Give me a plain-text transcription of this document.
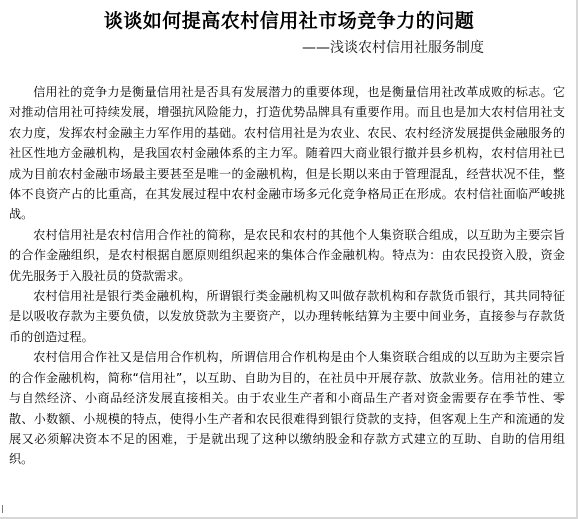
谈谈如何提高农村信用社市场竞争力的问题
——浅谈农村信用社服务制度

信用社的竞争力是衡量信用社是否具有发展潜力的重要体现，也是衡量信用社改革成败的标志。它对推动信用社可持续发展，增强抗风险能力，打造优势品牌具有重要作用。而且也是加大农村信用社支农力度，发挥农村金融主力军作用的基础。农村信用社是为农业、农民、农村经济发展提供金融服务的社区性地方金融机构，是我国农村金融体系的主力军。随着四大商业银行撤并县乡机构，农村信用社已成为目前农村金融市场最主要甚至是唯一的金融机构，但是长期以来由于管理混乱，经营状况不佳，整体不良资产占的比重高，在其发展过程中农村金融市场多元化竞争格局正在形成。农村信社面临严峻挑战。

农村信用社是农村信用合作社的简称，是农民和农村的其他个人集资联合组成，以互助为主要宗旨的合作金融组织，是农村根据自愿原则组织起来的集体合作金融机构。特点为：由农民投资入股，资金优先服务于入股社员的贷款需求。

农村信用社是银行类金融机构，所谓银行类金融机构又叫做存款机构和存款货币银行，其共同特征是以吸收存款为主要负债，以发放贷款为主要资产，以办理转帐结算为主要中间业务，直接参与存款货币的创造过程。

农村信用合作社又是信用合作机构，所谓信用合作机构是由个人集资联合组成的以互助为主要宗旨的合作金融机构，简称“信用社”，以互助、自助为目的，在社员中开展存款、放款业务。信用社的建立与自然经济、小商品经济发展直接相关。由于农业生产者和小商品生产者对资金需要存在季节性、零散、小数额、小规模的特点，使得小生产者和农民很难得到银行贷款的支持，但客观上生产和流通的发展又必须解决资本不足的困难，于是就出现了这种以缴纳股金和存款方式建立的互助、自助的信用组织。
